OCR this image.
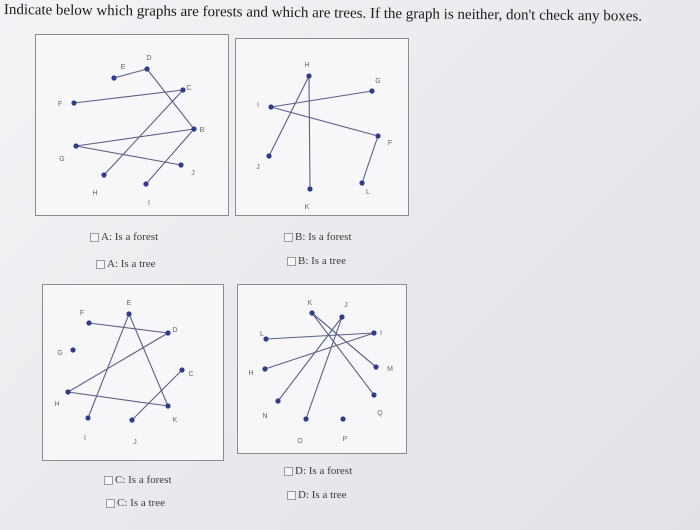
Indicate below which graphs are forests and which are trees. If the graph is neither, don't check any boxes.
E
D
C
F
B
G
J
H
I
H
I
G
F
J
L
K
F
E
D
G
C
H
K
I
J
K	J
L	I
H
M
N	Q
O	P
A: Is a forest
A: Is a tree
B: Is a forest
B: Is a tree
C: Is a forest
C: Is a tree
D: Is a forest
D: Is a tree
